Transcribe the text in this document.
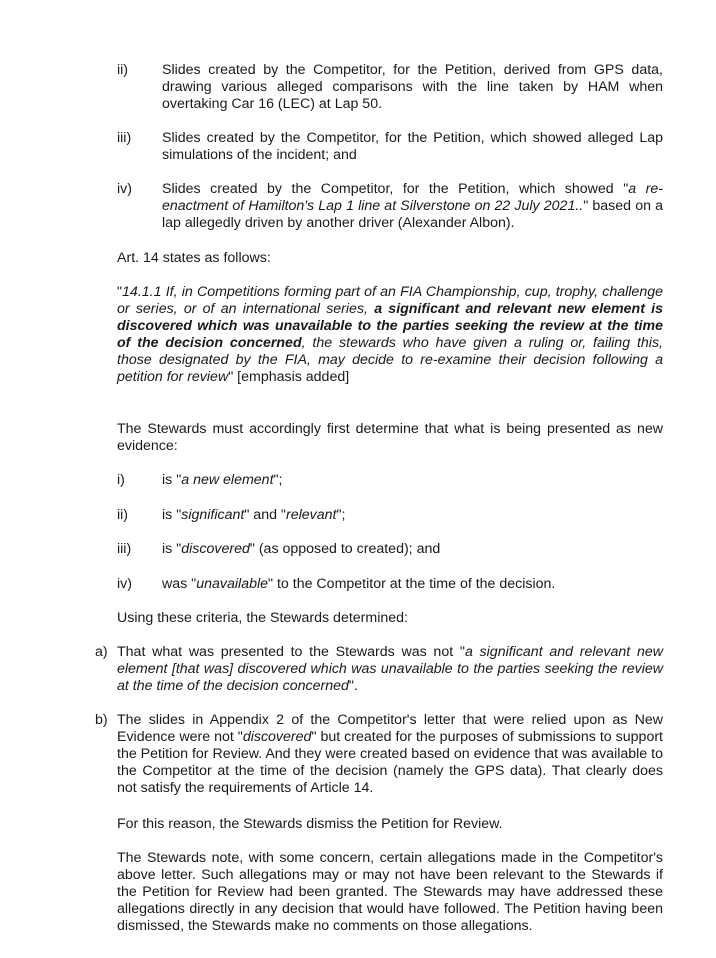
ii)	Slides created by the Competitor, for the Petition, derived from GPS data, drawing various alleged comparisons with the line taken by HAM when overtaking Car 16 (LEC) at Lap 50.
iii)	Slides created by the Competitor, for the Petition, which showed alleged Lap simulations of the incident; and
iv)	Slides created by the Competitor, for the Petition, which showed "a re-enactment of Hamilton's Lap 1 line at Silverstone on 22 July 2021.." based on a lap allegedly driven by another driver (Alexander Albon).
Art. 14 states as follows:
"14.1.1 If, in Competitions forming part of an FIA Championship, cup, trophy, challenge or series, or of an international series, a significant and relevant new element is discovered which was unavailable to the parties seeking the review at the time of the decision concerned, the stewards who have given a ruling or, failing this, those designated by the FIA, may decide to re-examine their decision following a petition for review" [emphasis added]
The Stewards must accordingly first determine that what is being presented as new evidence:
i)	is "a new element";
ii)	is "significant" and "relevant";
iii)	is "discovered" (as opposed to created); and
iv)	was "unavailable" to the Competitor at the time of the decision.
Using these criteria, the Stewards determined:
a) That what was presented to the Stewards was not "a significant and relevant new element [that was] discovered which was unavailable to the parties seeking the review at the time of the decision concerned".
b) The slides in Appendix 2 of the Competitor's letter that were relied upon as New Evidence were not "discovered" but created for the purposes of submissions to support the Petition for Review. And they were created based on evidence that was available to the Competitor at the time of the decision (namely the GPS data). That clearly does not satisfy the requirements of Article 14.
For this reason, the Stewards dismiss the Petition for Review.
The Stewards note, with some concern, certain allegations made in the Competitor's above letter. Such allegations may or may not have been relevant to the Stewards if the Petition for Review had been granted. The Stewards may have addressed these allegations directly in any decision that would have followed. The Petition having been dismissed, the Stewards make no comments on those allegations.
